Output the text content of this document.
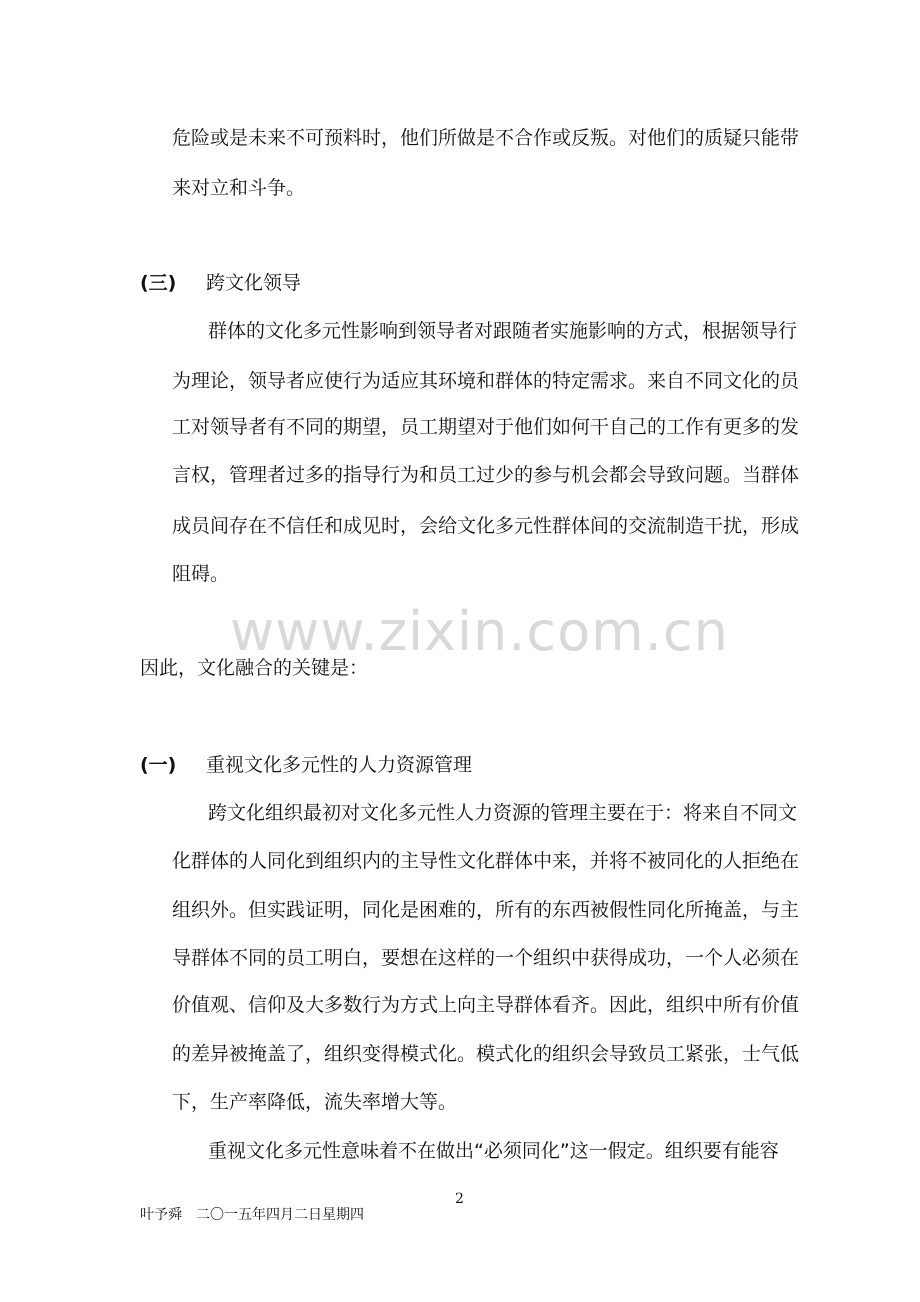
危险或是未来不可预料时，他们所做是不合作或反叛。对他们的质疑只能带
来对立和斗争。
(三) 跨文化领导
群体的文化多元性影响到领导者对跟随者实施影响的方式，根据领导行
为理论，领导者应使行为适应其环境和群体的特定需求。来自不同文化的员
工对领导者有不同的期望，员工期望对于他们如何干自己的工作有更多的发
言权，管理者过多的指导行为和员工过少的参与机会都会导致问题。当群体
成员间存在不信任和成见时，会给文化多元性群体间的交流制造干扰，形成
阻碍。
www.zixin.com.cn
因此，文化融合的关键是：
(一) 重视文化多元性的人力资源管理
跨文化组织最初对文化多元性人力资源的管理主要在于：将来自不同文
化群体的人同化到组织内的主导性文化群体中来，并将不被同化的人拒绝在
组织外。但实践证明，同化是困难的，所有的东西被假性同化所掩盖，与主
导群体不同的员工明白，要想在这样的一个组织中获得成功，一个人必须在
价值观、信仰及大多数行为方式上向主导群体看齐。因此，组织中所有价值
的差异被掩盖了，组织变得模式化。模式化的组织会导致员工紧张，士气低
下，生产率降低，流失率增大等。
重视文化多元性意味着不在做出“必须同化”这一假定。组织要有能容
2
叶予舜　二〇一五年四月二日星期四
